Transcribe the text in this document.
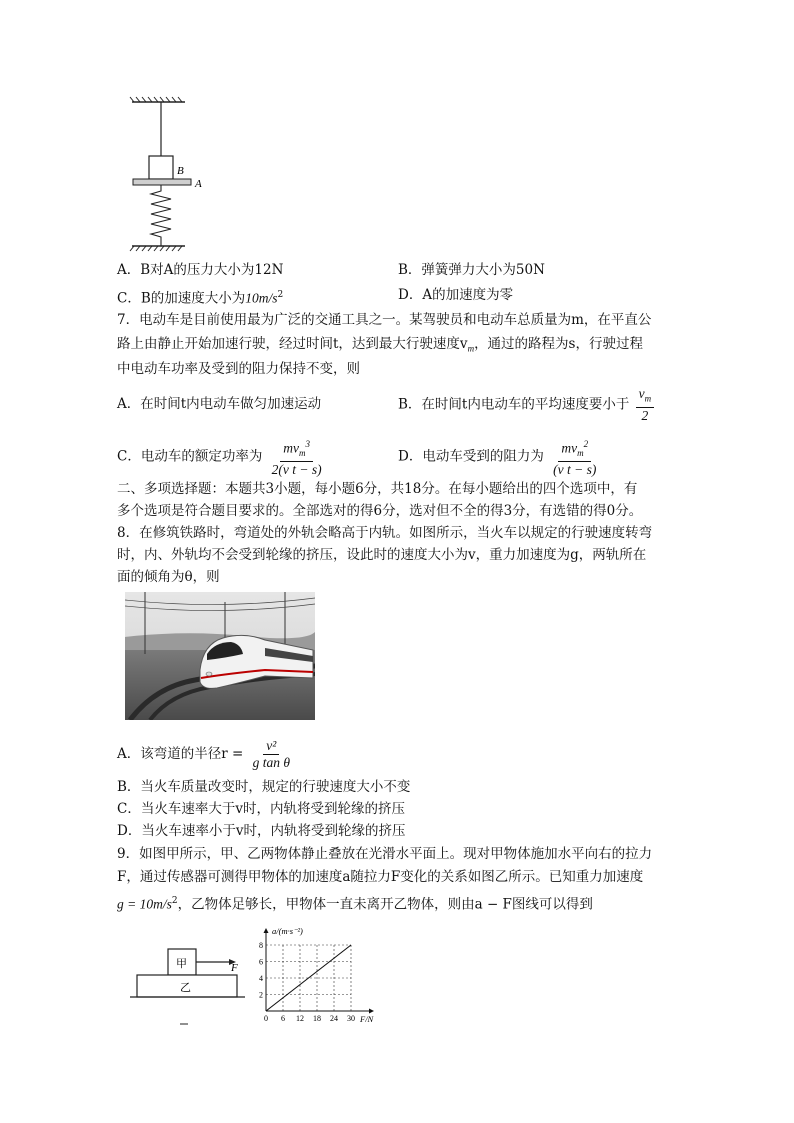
B
A
A．B对A的压力大小为12N	B．弹簧弹力大小为50N
C．B的加速度大小为$10m/s^2$	D．A的加速度为零
7．电动车是目前使用最为广泛的交通工具之一。某驾驶员和电动车总质量为m，在平直公
路上由静止开始加速行驶，经过时间t，达到最大行驶速度$v_m$，通过的路程为s，行驶过程
中电动车功率及受到的阻力保持不变，则
A．在时间t内电动车做匀加速运动	B．在时间t内电动车的平均速度要小于 $\frac{v_m}{2}$
C．电动车的额定功率为 $\frac{mv_m^3}{\text{2(v t − s)}}$	D．电动车受到的阻力为 $\frac{mv_m^2}{\text{(v t − s)}}$
二、多项选择题：本题共3小题，每小题6分，共18分。在每小题给出的四个选项中，有
多个选项是符合题目要求的。全部选对的得6分，选对但不全的得3分，有选错的得0分。
8．在修筑铁路时，弯道处的外轨会略高于内轨。如图所示，当火车以规定的行驶速度转弯
时，内、外轨均不会受到轮缘的挤压，设此时的速度大小为v，重力加速度为g，两轨所在
面的倾角为θ，则
A．该弯道的半径$r = \frac{\text{v²}}{\text{g tan θ}}$
B．当火车质量改变时，规定的行驶速度大小不变
C．当火车速率大于v时，内轨将受到轮缘的挤压
D．当火车速率小于v时，内轨将受到轮缘的挤压
9．如图甲所示，甲、乙两物体静止叠放在光滑水平面上。现对甲物体施加水平向右的拉力
F，通过传感器可测得甲物体的加速度a随拉力F变化的关系如图乙所示。已知重力加速度
$g = 10m/s^2$，乙物体足够长，甲物体一直未离开乙物体，则由a − F图线可以得到
甲
乙
F
a/(m·s⁻²)
F/N
0 6 12 18 24 30
2
4
6
8
